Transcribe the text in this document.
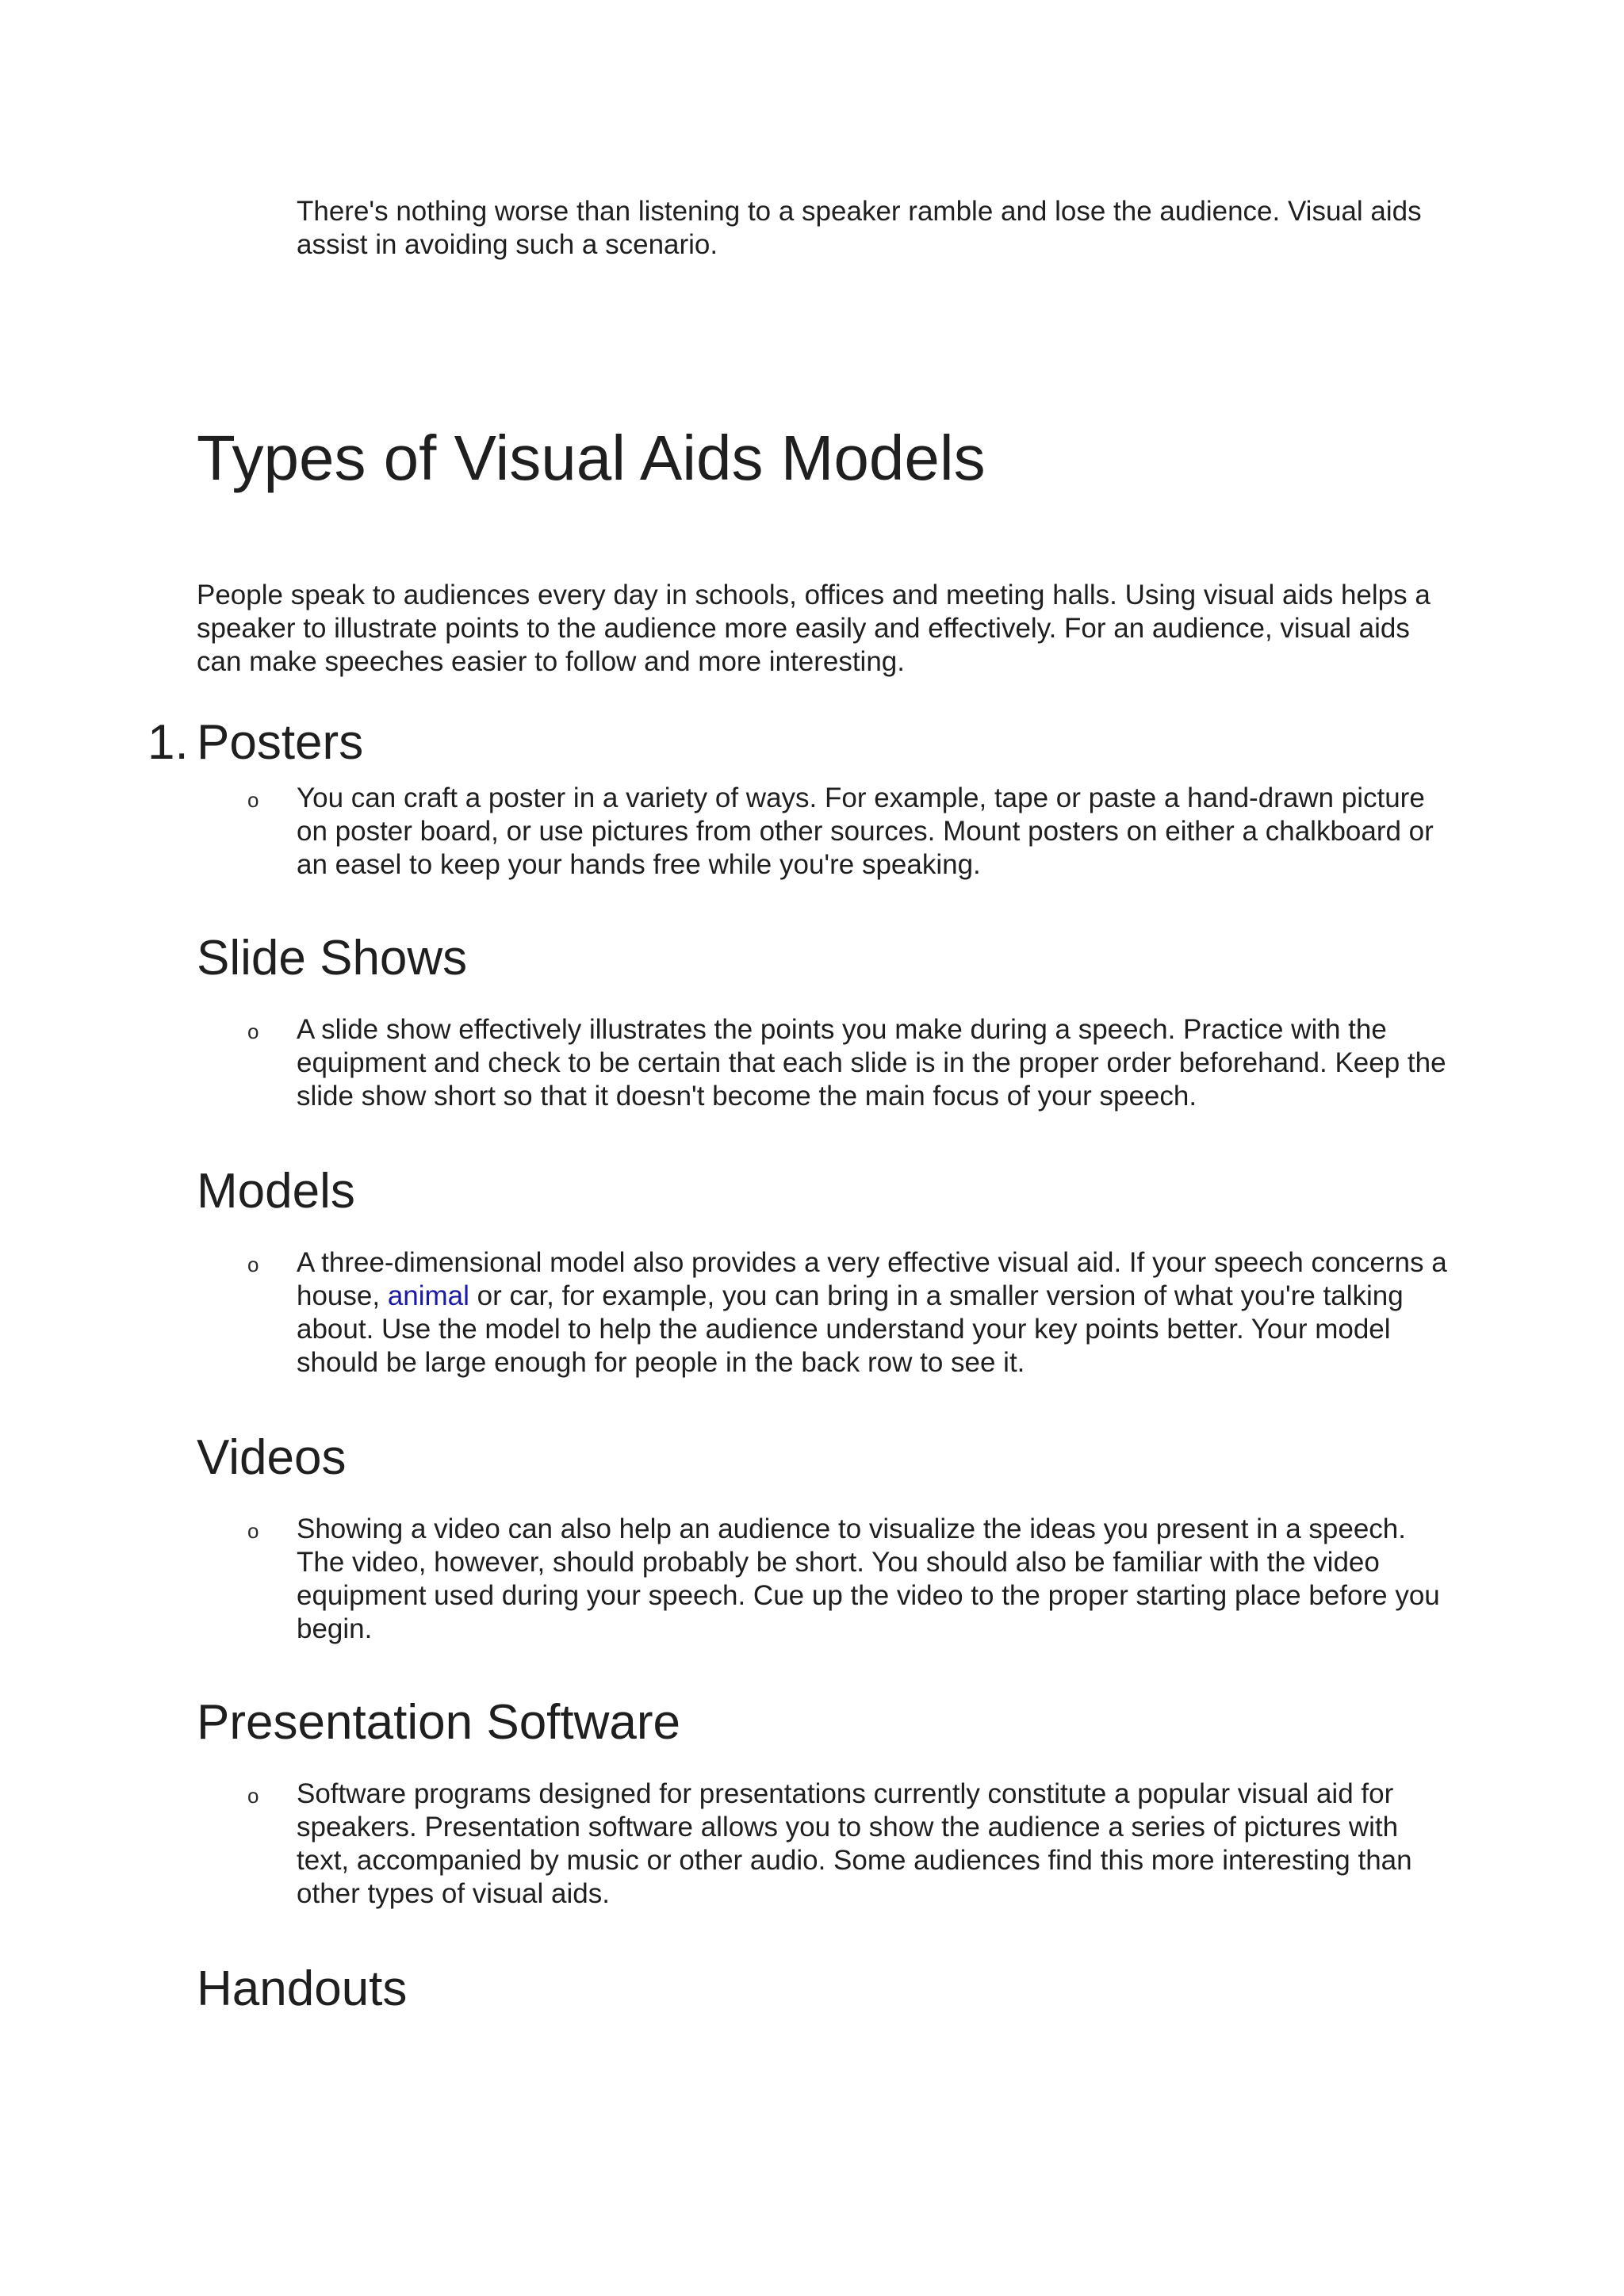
There's nothing worse than listening to a speaker ramble and lose the audience. Visual aids assist in avoiding such a scenario.

Types of Visual Aids Models

People speak to audiences every day in schools, offices and meeting halls. Using visual aids helps a speaker to illustrate points to the audience more easily and effectively. For an audience, visual aids can make speeches easier to follow and more interesting.

1. Posters
o You can craft a poster in a variety of ways. For example, tape or paste a hand-drawn picture on poster board, or use pictures from other sources. Mount posters on either a chalkboard or an easel to keep your hands free while you're speaking.

Slide Shows
o A slide show effectively illustrates the points you make during a speech. Practice with the equipment and check to be certain that each slide is in the proper order beforehand. Keep the slide show short so that it doesn't become the main focus of your speech.

Models
o A three-dimensional model also provides a very effective visual aid. If your speech concerns a house, animal or car, for example, you can bring in a smaller version of what you're talking about. Use the model to help the audience understand your key points better. Your model should be large enough for people in the back row to see it.

Videos
o Showing a video can also help an audience to visualize the ideas you present in a speech. The video, however, should probably be short. You should also be familiar with the video equipment used during your speech. Cue up the video to the proper starting place before you begin.

Presentation Software
o Software programs designed for presentations currently constitute a popular visual aid for speakers. Presentation software allows you to show the audience a series of pictures with text, accompanied by music or other audio. Some audiences find this more interesting than other types of visual aids.

Handouts
